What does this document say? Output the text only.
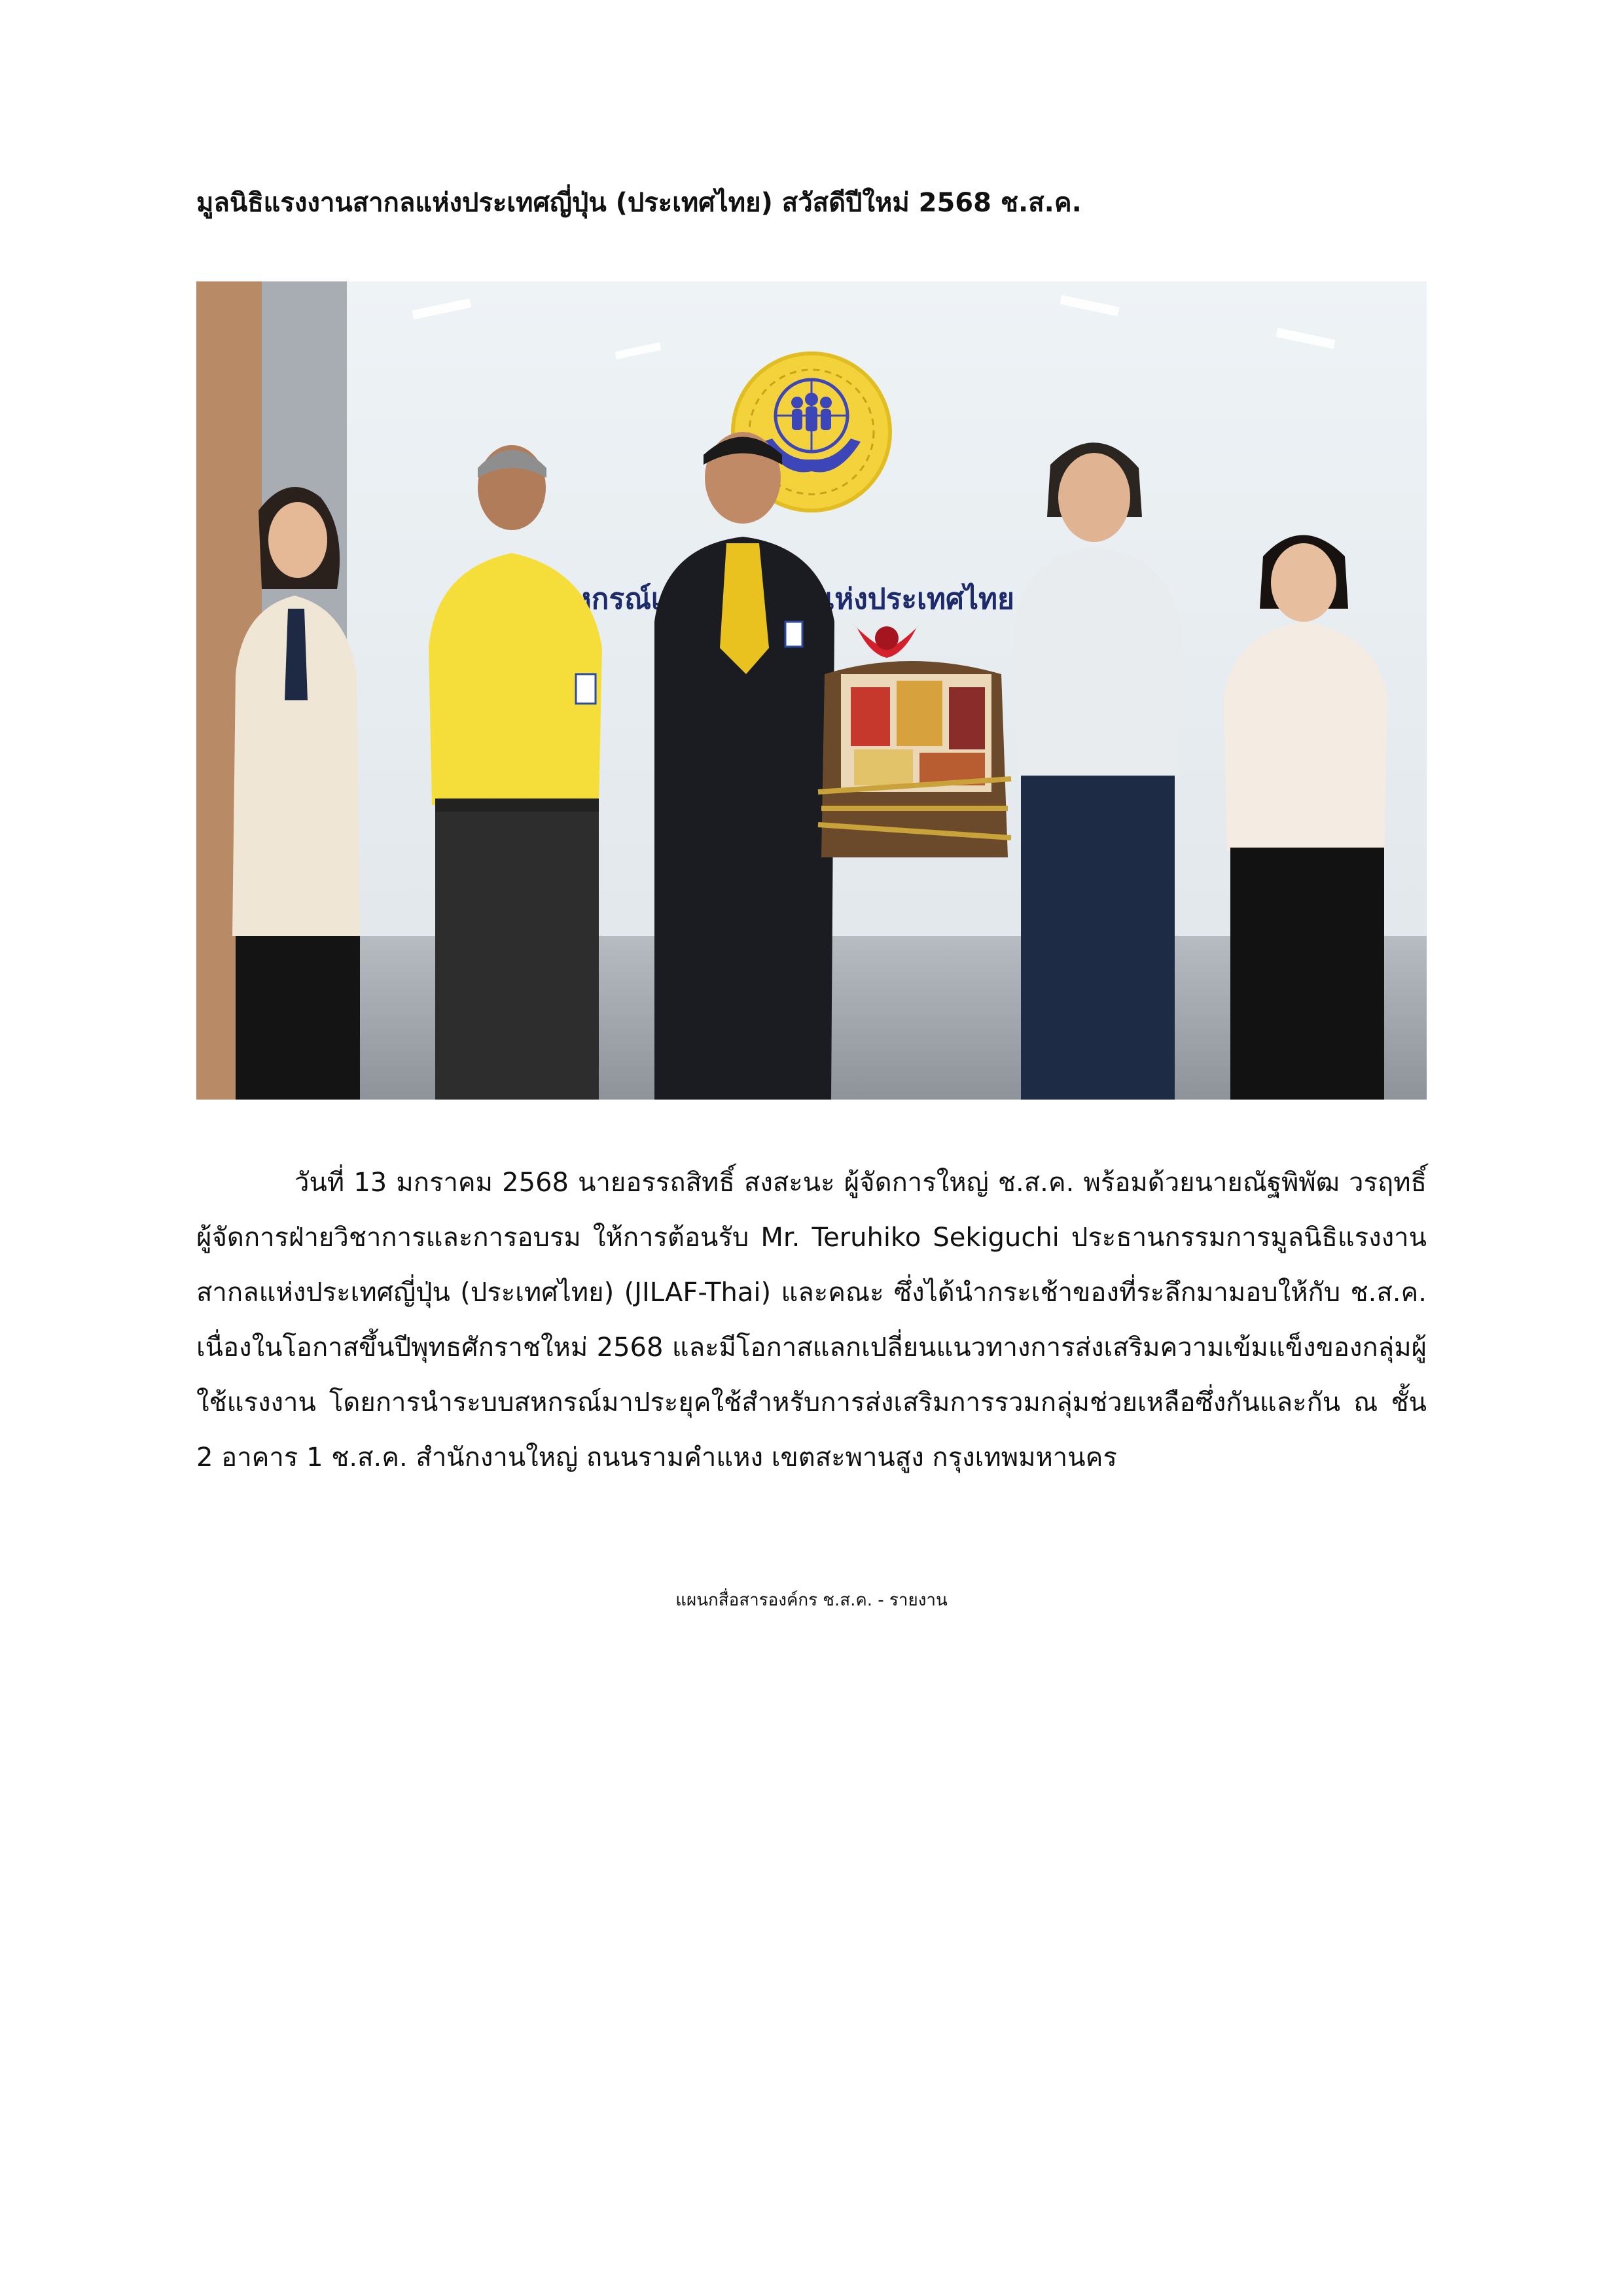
มูลนิธิแรงงานสากลแห่งประเทศญี่ปุ่น (ประเทศไทย) สวัสดีปีใหม่ 2568 ช.ส.ค.

วันที่ 13 มกราคม 2568 นายอรรถสิทธิ์ สงสะนะ ผู้จัดการใหญ่ ช.ส.ค. พร้อมด้วยนายณัฐพิพัฒ วรฤทธิ์ ผู้จัดการฝ่ายวิชาการและการอบรม ให้การต้อนรับ Mr. Teruhiko Sekiguchi ประธานกรรมการมูลนิธิแรงงานสากลแห่งประเทศญี่ปุ่น (ประเทศไทย) (JILAF-Thai) และคณะ ซึ่งได้นำกระเช้าของที่ระลึกมามอบให้กับ ช.ส.ค. เนื่องในโอกาสขึ้นปีพุทธศักราชใหม่ 2568 และมีโอกาสแลกเปลี่ยนแนวทางการส่งเสริมความเข้มแข็งของกลุ่มผู้ใช้แรงงาน โดยการนำระบบสหกรณ์มาประยุคใช้สำหรับการส่งเสริมการรวมกลุ่มช่วยเหลือซึ่งกันและกัน ณ ชั้น 2 อาคาร 1 ช.ส.ค. สำนักงานใหญ่ ถนนรามคำแหง เขตสะพานสูง กรุงเทพมหานคร

แผนกสื่อสารองค์กร ช.ส.ค. - รายงาน
